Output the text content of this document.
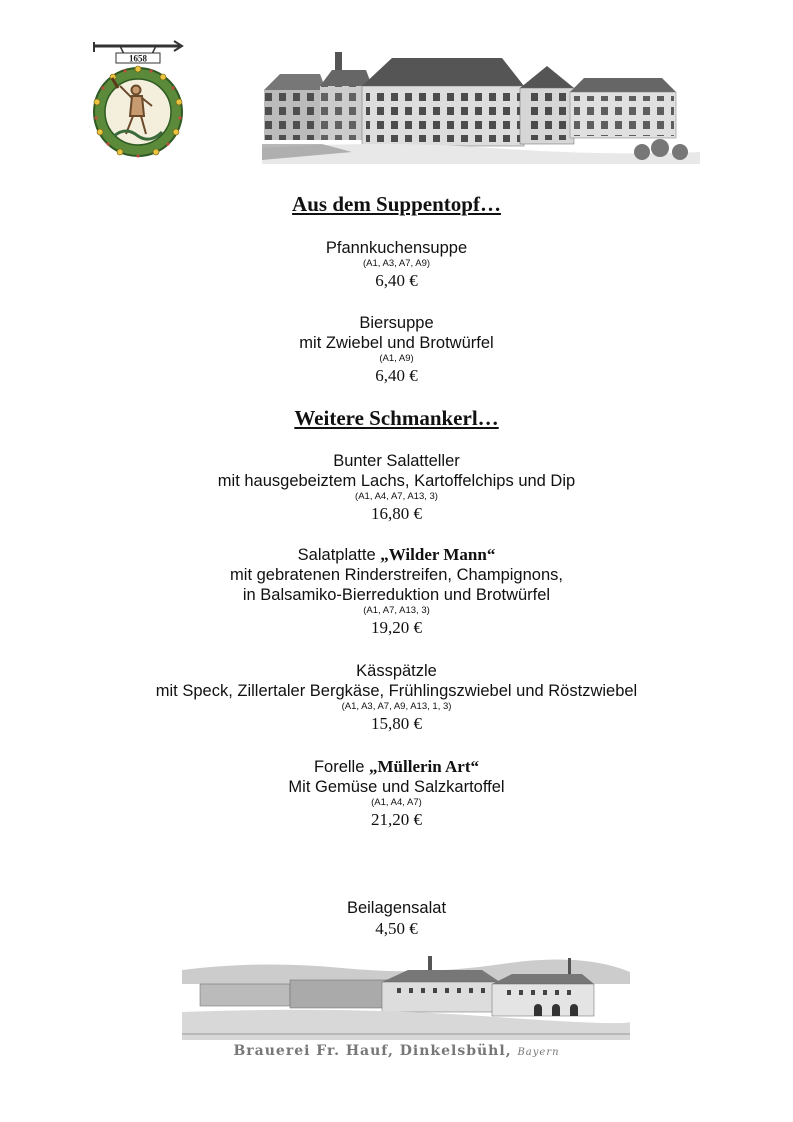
1658
Aus dem Suppentopf…
Pfannkuchensuppe
(A1, A3, A7, A9)
6,40 €
Biersuppe
mit Zwiebel und Brotwürfel
(A1, A9)
6,40 €
Weitere Schmankerl…
Bunter Salatteller
mit hausgebeiztem Lachs, Kartoffelchips und Dip
(A1, A4, A7, A13, 3)
16,80 €
Salatplatte „Wilder Mann“
mit gebratenen Rinderstreifen, Champignons,
in Balsamiko-Bierreduktion und Brotwürfel
(A1, A7, A13, 3)
19,20 €
Kässpätzle
mit Speck, Zillertaler Bergkäse, Frühlingszwiebel und Röstzwiebel
(A1, A3, A7, A9, A13, 1, 3)
15,80 €
Forelle „Müllerin Art“
Mit Gemüse und Salzkartoffel
(A1, A4, A7)
21,20 €
Beilagensalat
4,50 €
Brauerei Fr. Hauf, Dinkelsbühl, Bayern
